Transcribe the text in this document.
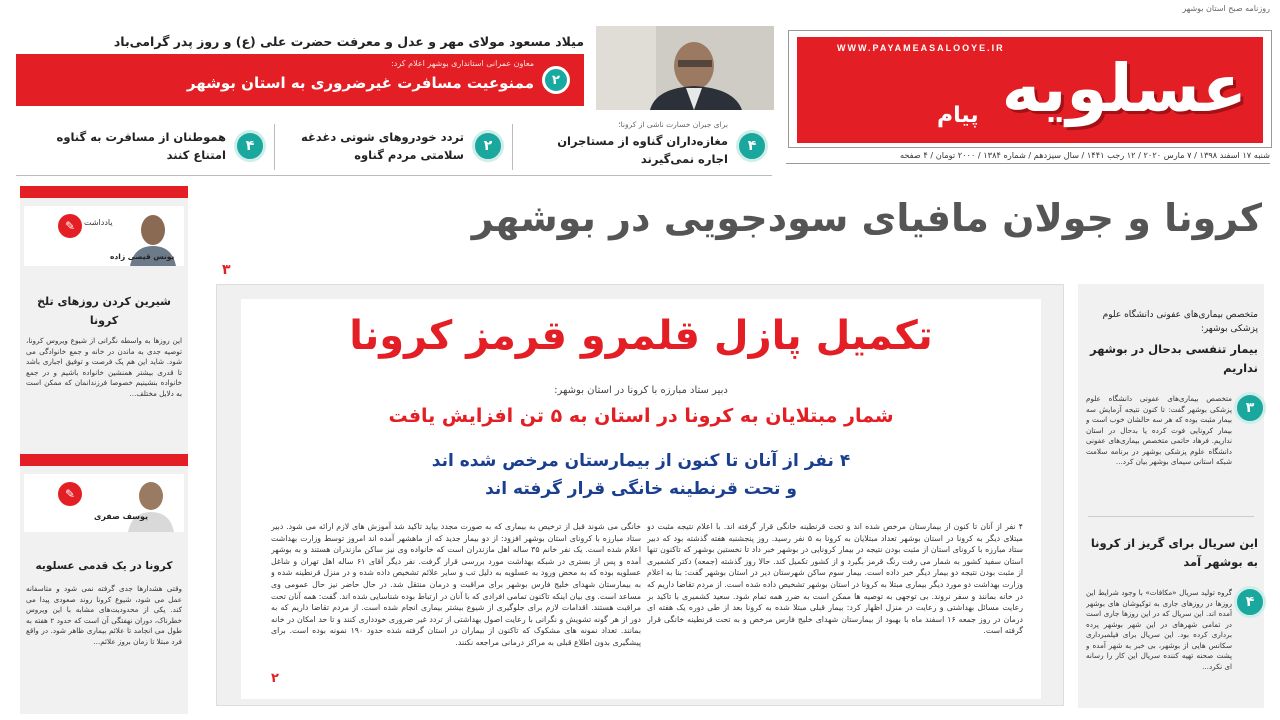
روزنامه صبح استان بوشهر
WWW.PAYAMEASALOOYE.IR
عسلویه
پیام
شنبه ۱۷ اسفند ۱۳۹۸ / ۷ مارس ۲۰۲۰ / ۱۲ رجب ۱۴۴۱ / سال سیزدهم / شماره ۱۳۸۴ / ۲۰۰۰ تومان / ۴ صفحه
میلاد مسعود مولای مهر و عدل و معرفت حضرت علی (ع) و روز پدر گرامی‌باد
معاون عمرانی استانداری بوشهر اعلام کرد:
ممنوعیت مسافرت غیرضروری به استان بوشهر	۲
برای جبران خسارت ناشی از کرونا؛
مغازه‌داران گناوه از مستاجران اجاره نمی‌گیرند
۴
تردد خودروهای شوتی دغدغه سلامتی مردم گناوه
۲
هموطنان از مسافرت به گناوه امتناع کنند
۴
کرونا و جولان مافیای سودجویی در بوشهر
۳
۲
✎	یادداشت
یونس قیصی زاده
شیرین کردن روزهای تلخ کرونا
این روزها به واسطه نگرانی از شیوع ویروس کرونا، توصیه جدی به ماندن در خانه و جمع خانوادگی می شود. شاید این هم یک فرصت و توفیق اجباری باشد تا قدری بیشتر همنشین خانواده باشیم و در جمع خانواده بنشینیم خصوصا فرزندانمان که ممکن است به دلایل مختلف...
۲
✎
یوسف صفری
کرونا در یک قدمی عسلویه
وقتی هشدارها جدی گرفته نمی شود و متاسفانه عمل می شود، شیوع کرونا روند صعودی پیدا می کند. یکی از محدودیت‌های مشابه با این ویروس خطرناک، دوران نهفتگی آن است که حدود ۲ هفته به طول می انجامد تا علائم بیماری ظاهر شود. در واقع فرد مبتلا تا زمان بروز علائم...
تکمیل پازل قلمرو قرمز کرونا
دبیر ستاد مبارزه با کرونا در استان بوشهر:
شمار مبتلایان به کرونا در استان به ۵ تن افزایش یافت
۴ نفر از آنان تا کنون از بیمارستان مرخص شده اند
و تحت قرنطینه خانگی قرار گرفته اند
۴ نفر از آنان تا کنون از بیمارستان مرخص شده اند و تحت قرنطینه خانگی قرار گرفته اند. با اعلام نتیجه مثبت دو مبتلای دیگر به کرونا در استان بوشهر تعداد مبتلایان به کرونا به ۵ نفر رسید. روز پنجشنبه هفته گذشته بود که دبیر ستاد مبارزه با کرونای استان از مثبت بودن نتیجه در بیمار کرونایی در بوشهر خبر داد تا نخستین بوشهر که تاکنون تنها استان سفید کشور به شمار می رفت رنگ قرمز بگیرد و از کشور تکمیل کند. حالا روز گذشته (جمعه) دکتر کشمیری از مثبت بودن نتیجه دو بیمار دیگر خبر داده است. بیمار سوم ساکن شهرستان دیر در استان بوشهر گفت: بنا به اعلام وزارت بهداشت دو مورد دیگر بیماری مبتلا به کرونا در استان بوشهر تشخیص داده شده است. از مردم تقاضا داریم که در خانه بمانند و سفر نروند. بی توجهی به توصیه ها ممکن است به ضرر همه تمام شود. سعید کشمیری با تاکید بر رعایت مسائل بهداشتی و رعایت در منزل اظهار کرد: بیمار قبلی مبتلا شده به کرونا بعد از طی دوره یک هفته ای درمان در روز جمعه ۱۶ اسفند ماه با بهبود از بیمارستان شهدای خلیج فارس مرخص و به تحت قرنطینه خانگی قرار گرفته است.
خانگی می شوند قبل از ترخیص به بیماری که به صورت مجدد بیاید تاکید شد آموزش های لازم ارائه می شود. دبیر ستاد مبارزه با کرونای استان بوشهر افزود: از دو بیمار جدید که از ماهشهر آمده اند امروز توسط وزارت بهداشت اعلام شده است. یک نفر خانم ۳۵ ساله اهل مازندران است که خانواده وی نیز ساکن مازندران هستند و به بوشهر آمده و پس از بستری در شبکه بهداشت مورد بررسی قرار گرفت. نفر دیگر آقای ۶۱ ساله اهل تهران و شاغل عسلویه بوده که به محض ورود به عسلویه به دلیل تب و سایر علائم تشخیص داده شده و در منزل قرنطینه شده و به بیمارستان شهدای خلیج فارس بوشهر برای مراقبت و درمان منتقل شد. در حال حاضر نیز حال عمومی وی مساعد است. وی بیان اینکه تاکنون تمامی افرادی که با آنان در ارتباط بوده شناسایی شده اند. گفت: همه آنان تحت مراقبت هستند. اقدامات لازم برای جلوگیری از شیوع بیشتر بیماری انجام شده است. از مردم تقاضا داریم که به دور از هر گونه تشویش و نگرانی با رعایت اصول بهداشتی از تردد غیر ضروری خودداری کنند و تا حد امکان در خانه بمانند. تعداد نمونه های مشکوک که تاکنون از بیماران در استان گرفته شده حدود ۱۹۰ نمونه بوده است. برای پیشگیری بدون اطلاع قبلی به مراکز درمانی مراجعه نکنند.
۲
متخصص بیماری‌های عفونی دانشگاه علوم پزشکی بوشهر:
بیمار تنفسی بدحال در بوشهر نداریم
۳
متخصص بیماری‌های عفونی دانشگاه علوم پزشکی بوشهر گفت: تا کنون نتیجه آزمایش سه بیمار مثبت بوده که هر سه حالشان خوب است و بیمار کرونایی فوت کرده یا بدحال در استان نداریم. فرهاد حاتمی متخصص بیماری‌های عفونی دانشگاه علوم پزشکی بوشهر در برنامه سلامت شبکه استانی سیمای بوشهر بیان کرد...
این سریال برای گریز از کرونا به بوشهر آمد
۴
گروه تولید سریال «مکافات» با وجود شرایط این روزها در روزهای جاری به توکیوشان های بوشهر آمده اند. این سریال که در این روزها جاری است در تمامی شهرهای در این شهر بوشهر پرده برداری کرده بود. این سریال برای فیلمبرداری سکانس هایی از بوشهر، بی خبر به شهر آمده و پشت صحنه تهیه کننده سریال این کار را رسانه ای نکرد...
